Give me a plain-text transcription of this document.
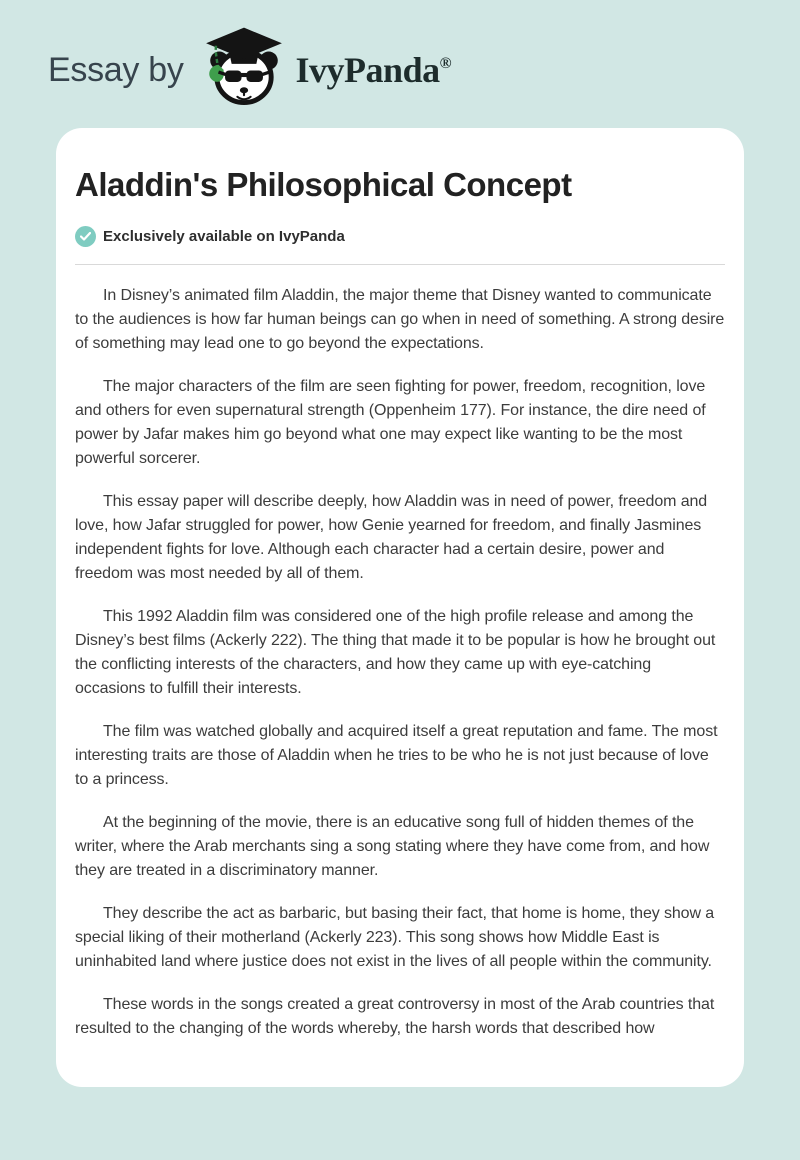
Essay by	IvyPanda®
Aladdin's Philosophical Concept
Exclusively available on IvyPanda

In Disney’s animated film Aladdin, the major theme that Disney wanted to communicate to the audiences is how far human beings can go when in need of something. A strong desire of something may lead one to go beyond the expectations.

The major characters of the film are seen fighting for power, freedom, recognition, love and others for even supernatural strength (Oppenheim 177). For instance, the dire need of power by Jafar makes him go beyond what one may expect like wanting to be the most powerful sorcerer.

This essay paper will describe deeply, how Aladdin was in need of power, freedom and love, how Jafar struggled for power, how Genie yearned for freedom, and finally Jasmines independent fights for love. Although each character had a certain desire, power and freedom was most needed by all of them.

This 1992 Aladdin film was considered one of the high profile release and among the Disney’s best films (Ackerly 222). The thing that made it to be popular is how he brought out the conflicting interests of the characters, and how they came up with eye-catching occasions to fulfill their interests.

The film was watched globally and acquired itself a great reputation and fame. The most interesting traits are those of Aladdin when he tries to be who he is not just because of love to a princess.

At the beginning of the movie, there is an educative song full of hidden themes of the writer, where the Arab merchants sing a song stating where they have come from, and how they are treated in a discriminatory manner.

They describe the act as barbaric, but basing their fact, that home is home, they show a special liking of their motherland (Ackerly 223). This song shows how Middle East is uninhabited land where justice does not exist in the lives of all people within the community.

These words in the songs created a great controversy in most of the Arab countries that resulted to the changing of the words whereby, the harsh words that described how
